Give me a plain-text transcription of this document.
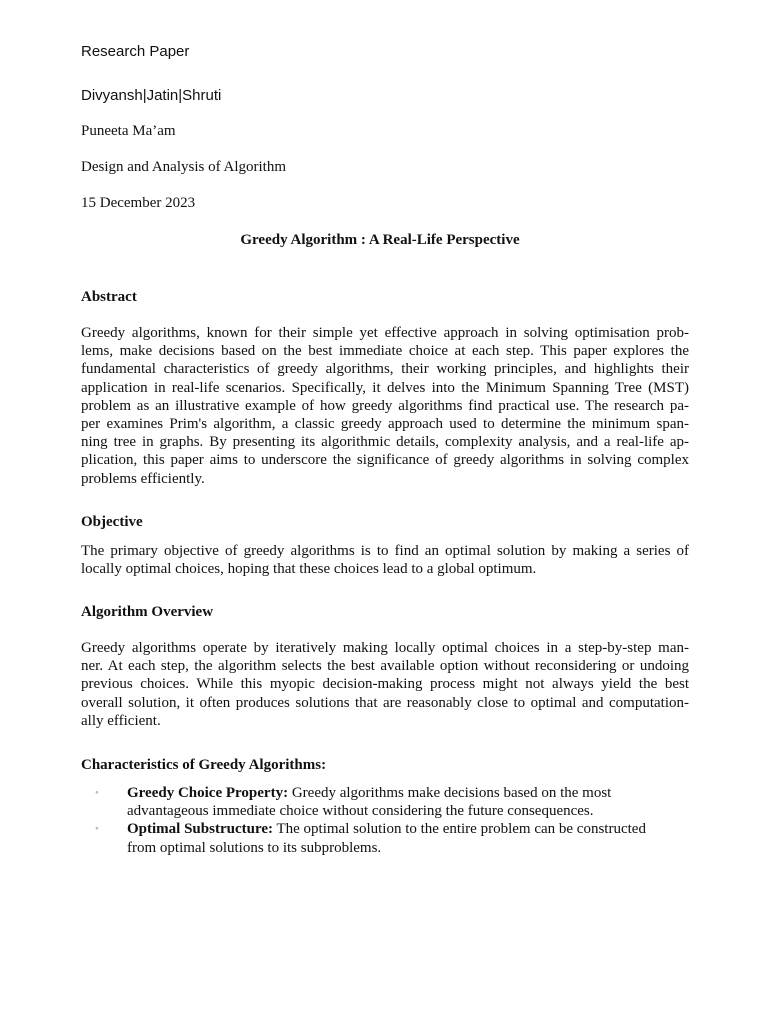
Research Paper
Divyansh|Jatin|Shruti
Puneeta Ma’am
Design and Analysis of Algorithm
15 December 2023
Greedy Algorithm : A Real-Life Perspective
Abstract
Greedy algorithms, known for their simple yet effective approach in solving optimisation prob-
lems, make decisions based on the best immediate choice at each step. This paper explores the
fundamental characteristics of greedy algorithms, their working principles, and highlights their
application in real-life scenarios. Specifically, it delves into the Minimum Spanning Tree (MST)
problem as an illustrative example of how greedy algorithms find practical use. The research pa-
per examines Prim's algorithm, a classic greedy approach used to determine the minimum span-
ning tree in graphs. By presenting its algorithmic details, complexity analysis, and a real-life ap-
plication, this paper aims to underscore the significance of greedy algorithms in solving complex
problems efficiently.
Objective
The primary objective of greedy algorithms is to find an optimal solution by making a series of
locally optimal choices, hoping that these choices lead to a global optimum.
Algorithm Overview
Greedy algorithms operate by iteratively making locally optimal choices in a step-by-step man-
ner. At each step, the algorithm selects the best available option without reconsidering or undoing
previous choices. While this myopic decision-making process might not always yield the best
overall solution, it often produces solutions that are reasonably close to optimal and computation-
ally efficient.
Characteristics of Greedy Algorithms:
• Greedy Choice Property: Greedy algorithms make decisions based on the most
advantageous immediate choice without considering the future consequences.
• Optimal Substructure: The optimal solution to the entire problem can be constructed
from optimal solutions to its subproblems.
